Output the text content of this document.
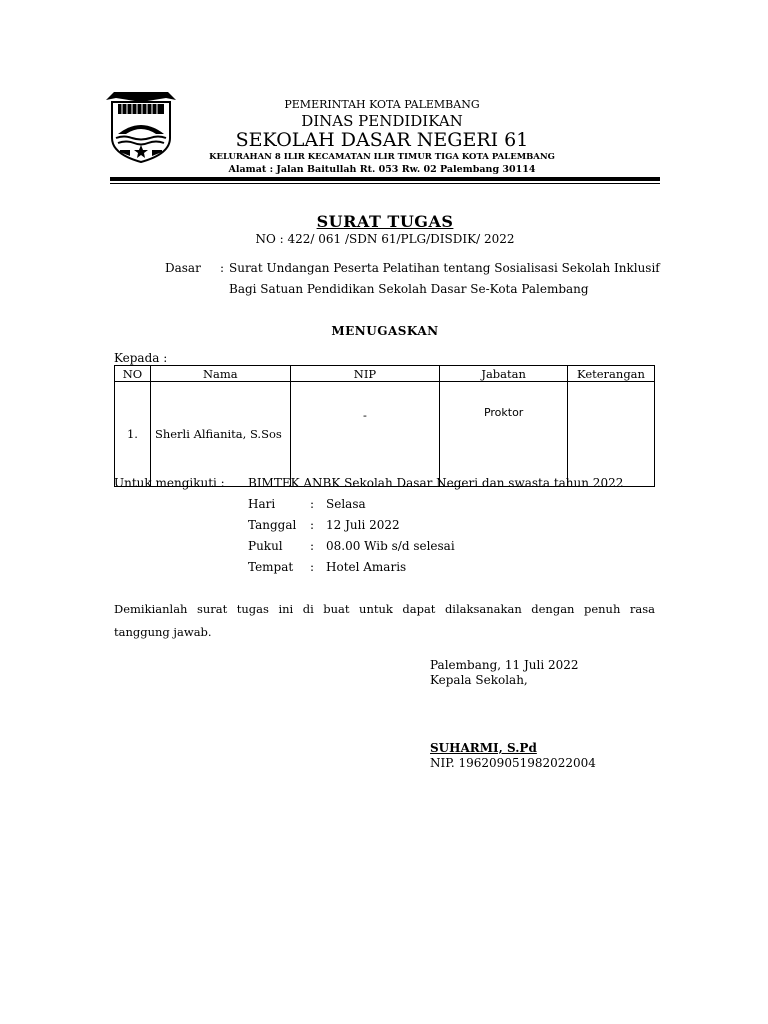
PEMERINTAH KOTA PALEMBANG
DINAS PENDIDIKAN
SEKOLAH DASAR NEGERI 61
KELURAHAN 8 ILIR KECAMATAN ILIR TIMUR TIGA KOTA PALEMBANG
Alamat : Jalan Baitullah Rt. 053 Rw. 02 Palembang 30114
SURAT TUGAS
NO : 422/ 061 /SDN 61/PLG/DISDIK/ 2022
Dasar : Surat Undangan Peserta Pelatihan tentang Sosialisasi Sekolah Inklusif
Bagi Satuan Pendidikan Sekolah Dasar Se-Kota Palembang
MENUGASKAN
Kepada :
NO	Nama	NIP	Jabatan	Keterangan
1.	Sherli Alfianita, S.Sos	-	Proktor	
Untuk mengikuti : BIMTEK ANBK Sekolah Dasar Negeri dan swasta tahun 2022
Hari	: Selasa
Tanggal : 12 Juli 2022
Pukul : 08.00 Wib s/d selesai
Tempat : Hotel Amaris
Demikianlah surat tugas ini di buat untuk dapat dilaksanakan dengan penuh rasa
tanggung jawab.
Palembang, 11 Juli 2022
Kepala Sekolah,
SUHARMI, S.Pd
NIP. 196209051982022004
